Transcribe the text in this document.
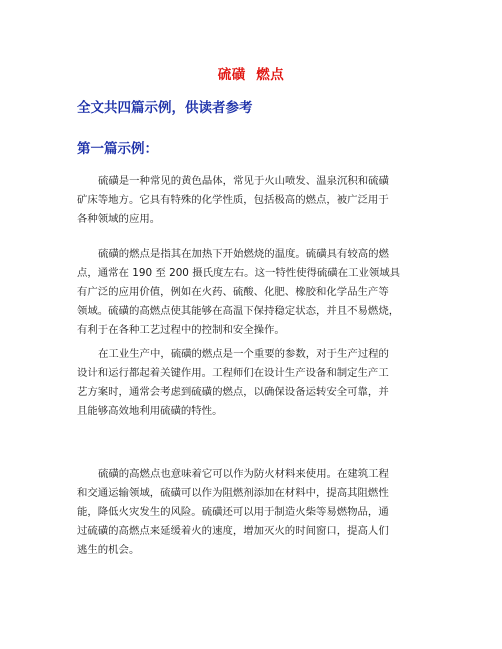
硫磺  燃点
全文共四篇示例，供读者参考
第一篇示例：
硫磺是一种常见的黄色晶体，常见于火山喷发、温泉沉积和硫磺
矿床等地方。它具有特殊的化学性质，包括极高的燃点，被广泛用于
各种领域的应用。
硫磺的燃点是指其在加热下开始燃烧的温度。硫磺具有较高的燃
点，通常在 190 至 200 摄氏度左右。这一特性使得硫磺在工业领域具
有广泛的应用价值，例如在火药、硫酸、化肥、橡胶和化学品生产等
领域。硫磺的高燃点使其能够在高温下保持稳定状态，并且不易燃烧，
有利于在各种工艺过程中的控制和安全操作。
在工业生产中，硫磺的燃点是一个重要的参数，对于生产过程的
设计和运行都起着关键作用。工程师们在设计生产设备和制定生产工
艺方案时，通常会考虑到硫磺的燃点，以确保设备运转安全可靠，并
且能够高效地利用硫磺的特性。
硫磺的高燃点也意味着它可以作为防火材料来使用。在建筑工程
和交通运输领域，硫磺可以作为阻燃剂添加在材料中，提高其阻燃性
能，降低火灾发生的风险。硫磺还可以用于制造火柴等易燃物品，通
过硫磺的高燃点来延缓着火的速度，增加灭火的时间窗口，提高人们
逃生的机会。
